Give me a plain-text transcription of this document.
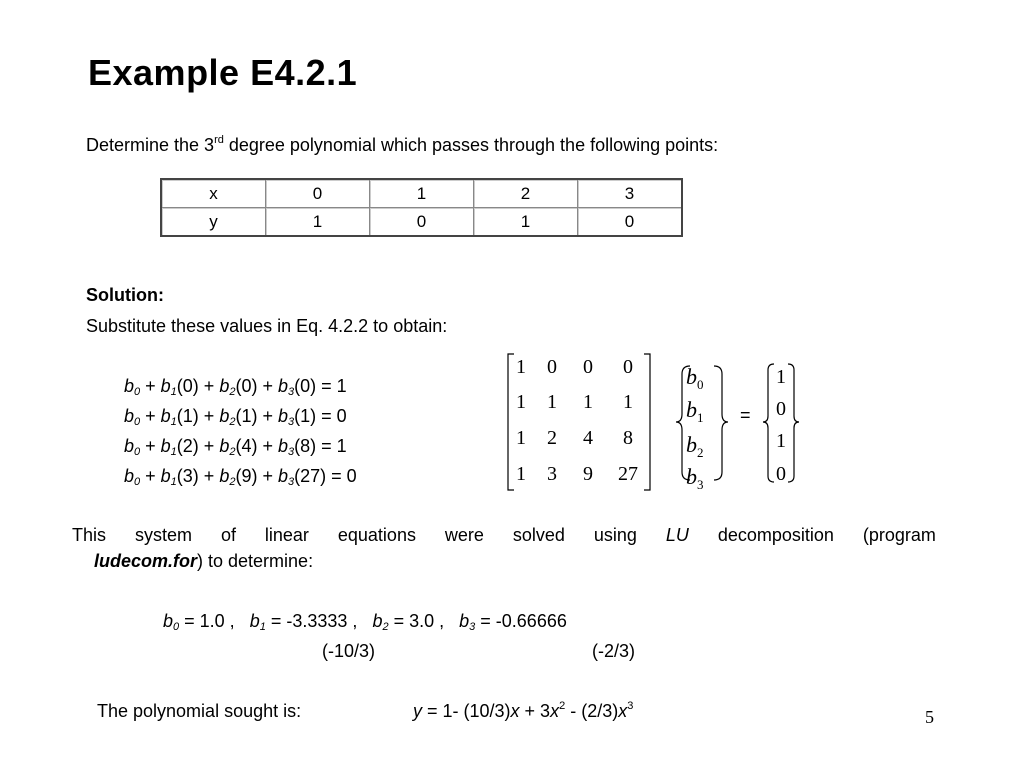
Example E4.2.1
Determine the 3rd degree polynomial which passes through the following points:
x	0	1	2	3
y	1	0	1	0
Solution:
Substitute these values in Eq. 4.2.2 to obtain:
$b_0 + b_1(0) + b_2(0) + b_3(0) = 1$
$b_0 + b_1(1) + b_2(1) + b_3(1) = 0$
$b_0 + b_1(2) + b_2(4) + b_3(8) = 1$
$b_0 + b_1(3) + b_2(9) + b_3(27) = 0$
1	0	0	0
1	1	1	1
1	2	4	8
1	3	9	27
$b_0$
$b_1$
$b_2$
$b_3$
=
1
0
1
0
This system of linear equations were solved using LU decomposition (program
ludecom.for) to determine:
$b_0 = 1.0$ , $b_1 = -3.3333$ , $b_2 = 3.0$ , $b_3 = -0.66666$
(-10/3)	(-2/3)
The polynomial sought is:	y = 1- $(10/3)x + 3x^2 - (2/3)x^3$
5
